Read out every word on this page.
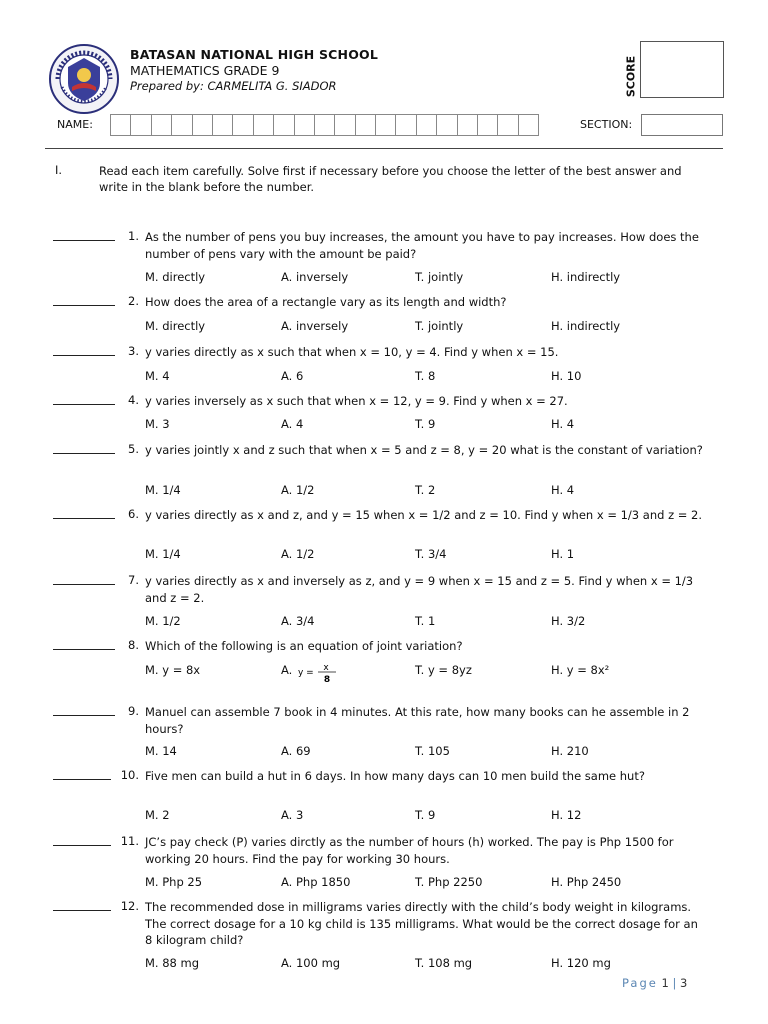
BATASAN NATIONAL HIGH SCHOOL
MATHEMATICS GRADE 9
Prepared by: CARMELITA G. SIADOR	SCORE
NAME:	SECTION:
I.	Read each item carefully. Solve first if necessary before you choose the letter of the best answer and write in the blank before the number.
1. As the number of pens you buy increases, the amount you have to pay increases. How does the number of pens vary with the amount be paid?
M. directly	A. inversely	T. jointly	H. indirectly
2. How does the area of a rectangle vary as its length and width?
M. directly	A. inversely	T. jointly	H. indirectly
3. y varies directly as x such that when x = 10, y = 4. Find y when x = 15.
M. 4	A. 6	T. 8	H. 10
4. y varies inversely as x such that when x = 12, y = 9. Find y when x = 27.
M. 3	A. 4	T. 9	H. 4
5. y varies jointly x and z such that when x = 5 and z = 8, y = 20 what is the constant of variation?
M. 1/4	A. 1/2	T. 2	H. 4
6. y varies directly as x and z, and y = 15 when x = 1/2 and z = 10. Find y when x = 1/3 and z = 2.
M. 1/4	A. 1/2	T. 3/4	H. 1
7. y varies directly as x and inversely as z, and y = 9 when x = 15 and z = 5. Find y when x = 1/3 and z = 2.
M. 1/2	A. 3/4	T. 1	H. 3/2
8. Which of the following is an equation of joint variation?
M. y = 8x	A. y = x
8
T. y = 8yz	H. y = 8x²
9. Manuel can assemble 7 book in 4 minutes. At this rate, how many books can he assemble in 2 hours?
M. 14	A. 69	T. 105	H. 210
10. Five men can build a hut in 6 days. In how many days can 10 men build the same hut?
M. 2	A. 3	T. 9	H. 12
11. JC’s pay check (P) varies dirctly as the number of hours (h) worked. The pay is Php 1500 for working 20 hours. Find the pay for working 30 hours.
M. Php 25	A. Php 1850	T. Php 2250	H. Php 2450
12. The recommended dose in milligrams varies directly with the child’s body weight in kilograms. The correct dosage for a 10 kg child is 135 milligrams. What would be the correct dosage for an 8 kilogram child?
M. 88 mg	A. 100 mg	T. 108 mg	H. 120 mg
Page 1 | 3
